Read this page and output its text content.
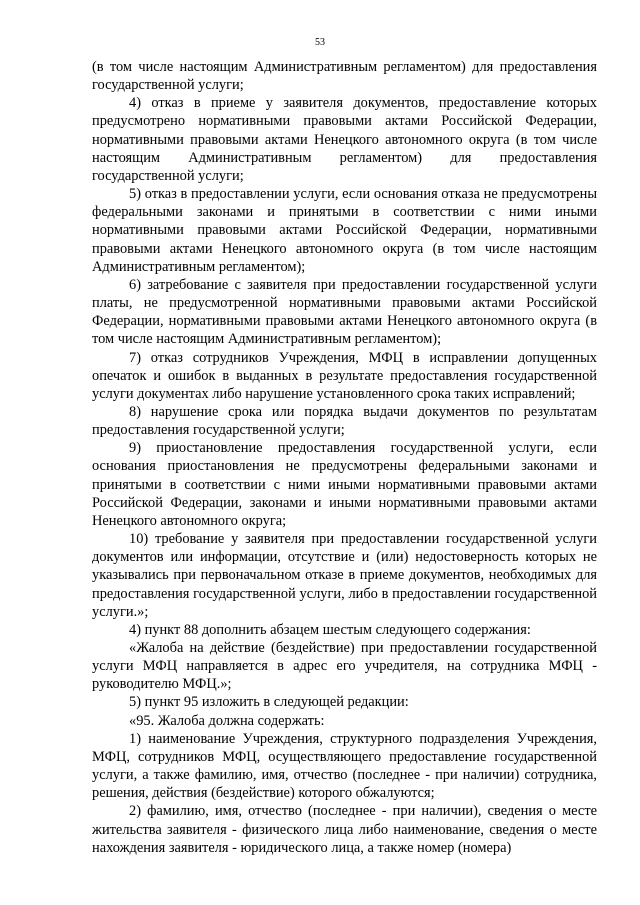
53

(в том числе настоящим Административным регламентом) для предоставления государственной услуги;

4) отказ в приеме у заявителя документов, предоставление которых предусмотрено нормативными правовыми актами Российской Федерации, нормативными правовыми актами Ненецкого автономного округа (в том числе настоящим Административным регламентом) для предоставления государственной услуги;

5) отказ в предоставлении услуги, если основания отказа не предусмотрены федеральными законами и принятыми в соответствии с ними иными нормативными правовыми актами Российской Федерации, нормативными правовыми актами Ненецкого автономного округа (в том числе настоящим Административным регламентом);

6) затребование с заявителя при предоставлении государственной услуги платы, не предусмотренной нормативными правовыми актами Российской Федерации, нормативными правовыми актами Ненецкого автономного округа (в том числе настоящим Административным регламентом);

7) отказ сотрудников Учреждения, МФЦ в исправлении допущенных опечаток и ошибок в выданных в результате предоставления государственной услуги документах либо нарушение установленного срока таких исправлений;

8) нарушение срока или порядка выдачи документов по результатам предоставления государственной услуги;

9) приостановление предоставления государственной услуги, если основания приостановления не предусмотрены федеральными законами и принятыми в соответствии с ними иными нормативными правовыми актами Российской Федерации, законами и иными нормативными правовыми актами Ненецкого автономного округа;

10) требование у заявителя при предоставлении государственной услуги документов или информации, отсутствие и (или) недостоверность которых не указывались при первоначальном отказе в приеме документов, необходимых для предоставления государственной услуги, либо в предоставлении государственной услуги.»;

4) пункт 88 дополнить абзацем шестым следующего содержания:

«Жалоба на действие (бездействие) при предоставлении государственной услуги МФЦ направляется в адрес его учредителя, на сотрудника МФЦ - руководителю МФЦ.»;

5) пункт 95 изложить в следующей редакции:

«95. Жалоба должна содержать:

1) наименование Учреждения, структурного подразделения Учреждения, МФЦ, сотрудников МФЦ, осуществляющего предоставление государственной услуги, а также фамилию, имя, отчество (последнее - при наличии) сотрудника, решения, действия (бездействие) которого обжалуются;

2) фамилию, имя, отчество (последнее - при наличии), сведения о месте жительства заявителя - физического лица либо наименование, сведения о месте нахождения заявителя - юридического лица, а также номер (номера)
